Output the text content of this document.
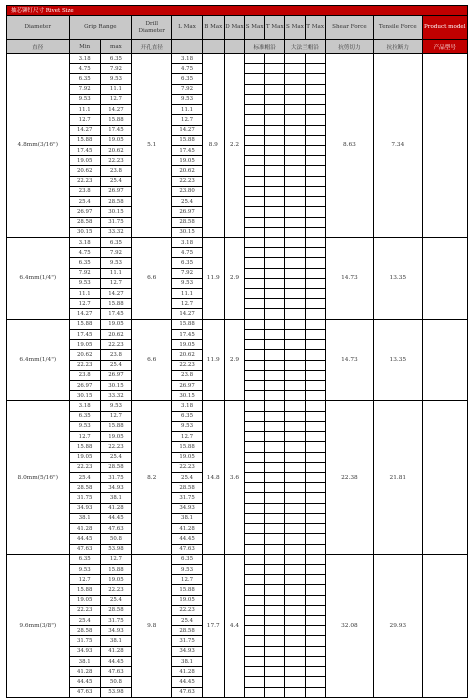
抽芯铆钉尺寸 Rivet Size
Diameter	Grip Range		Drill Diameter	L Max	B Max	D Max	S Max	T Max	S Max	T Max	Shear Force	Tensile Force	Product model
直径	Min	max	开孔直径				标准帽沿		大法兰帽沿		抗剪切力	抗拉断力	产品型号
4.8mm(3/16")	3.18	6.35	5.1	3.18	8.9	2.2					8.63	7.34	
	4.75	7.92		4.75									
	6.35	9.53		6.35									
	7.92	11.1		7.92									
	9.53	12.7		9.53									
	11.1	14.27		11.1									
	12.7	15.88		12.7									
	14.27	17.45		14.27									
	15.88	19.05		15.88									
	17.45	20.62		17.45									
	19.05	22.23		19.05									
	20.62	23.8		20.62									
	22.23	25.4		22.23									
	23.8	26.97		23.80									
	25.4	28.58		25.4									
	26.97	30.15		26.97									
	28.58	31.75		28.58									
	30.15	33.32		30.15									
6.4mm(1/4")	3.18	6.35	6.6	3.18	11.9	2.9					14.73	13.35	
	4.75	7.92		4.75									
	6.35	9.53		6.35									
	7.92	11.1		7.92									
	9.53	12.7		9.53									
	11.1	14.27		11.1									
	12.7	15.88		12.7									
	14.27	17.45		14.27									
6.4mm(1/4")	15.88	19.05	6.6	15.88	11.9	2.9					14.73	13.35	
	17.45	20.62		17.45									
	19.05	22.23		19.05									
	20.62	23.8		20.62									
	22.23	25.4		22.23									
	23.8	26.97		23.8									
	26.97	30.15		26.97									
	30.15	33.32		30.15									
8.0mm(5/16")	3.18	9.53	8.2	3.18	14.8	3.6					22.38	21.81	
	6.35	12.7		6.35									
	9.53	15.88		9.53									
	12.7	19.05		12.7									
	15.88	22.23		15.88									
	19.05	25.4		19.05									
	22.23	28.58		22.23									
	25.4	31.75		25.4									
	28.58	34.93		28.58									
	31.75	38.1		31.75									
	34.93	41.28		34.93									
	38.1	44.45		38.1									
	41.28	47.63		41.28									
	44.45	50.8		44.45									
	47.63	53.98		47.63									
9.6mm(3/8")	6.35	12.7	9.8	6.35	17.7	4.4					32.08	29.93	
	9.53	15.88		9.53									
	12.7	19.05		12.7									
	15.88	22.23		15.88									
	19.05	25.4		19.05									
	22.23	28.58		22.23									
	25.4	31.75		25.4									
	28.58	34.93		28.58									
	31.75	38.1		31.75									
	34.93	41.28		34.93									
	38.1	44.45		38.1									
	41.28	47.63		41.28									
	44.45	50.8		44.45									
	47.63	53.98		47.63									
